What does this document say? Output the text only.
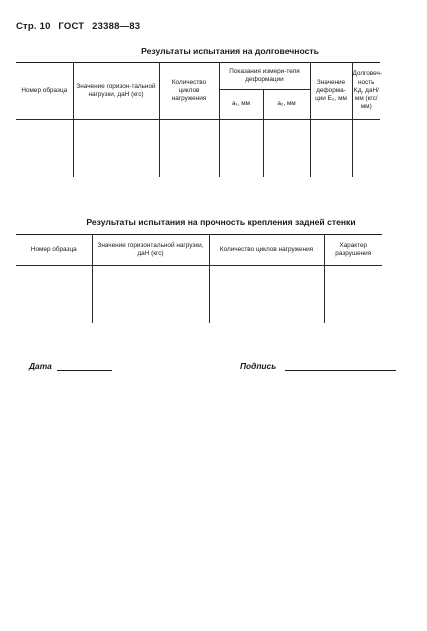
Стр. 10 ГОСТ 23388—83
Результаты испытания на долговечность
Номер образца	Значение горизон-тальной нагрузки, даН (кгс)	Количество циклов нагружения	Показания измери-теля деформации		Значение деформа-ции E₀, мм	Долговеч-ность Kд, даН/мм (кгс/мм)

			a₁, мм	a₂, мм		

Результаты испытания на прочность крепления задней стенки
Номер образца	Значение горизонтальной нагрузки, даН (кгс)	Количество циклов нагружения	Характер разрушения

Дата	Подпись
